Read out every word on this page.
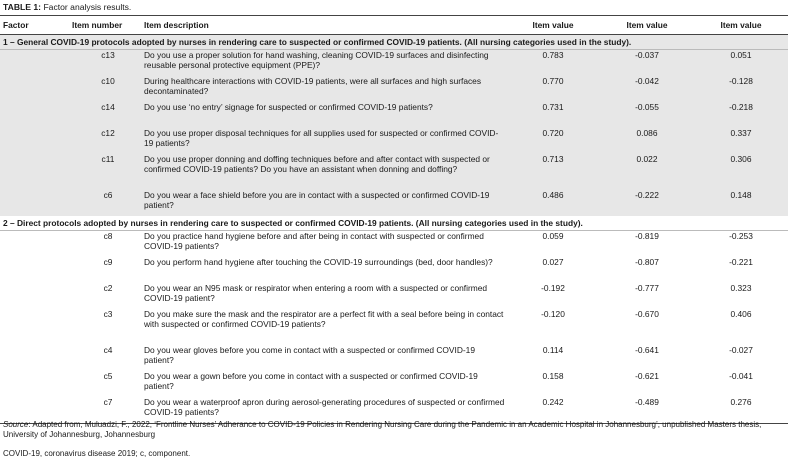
TABLE 1: Factor analysis results.
Factor	Item number	Item description	Item value	Item value	Item value
1 – General COVID-19 protocols adopted by nurses in rendering care to suspected or confirmed COVID-19 patients. (All nursing categories used in the study).					
	c13	Do you use a proper solution for hand washing, cleaning COVID-19 surfaces and disinfecting reusable personal protective equipment (PPE)?	0.783	-0.037	0.051
	c10	During healthcare interactions with COVID-19 patients, were all surfaces and high surfaces decontaminated?	0.770	-0.042	-0.128
	c14	Do you use ‘no entry’ signage for suspected or confirmed COVID-19 patients?	0.731	-0.055	-0.218
	c12	Do you use proper disposal techniques for all supplies used for suspected or confirmed COVID-19 patients?	0.720	0.086	0.337
	c11	Do you use proper donning and doffing techniques before and after contact with suspected or confirmed COVID-19 patients? Do you have an assistant when donning and doffing?	0.713	0.022	0.306
	c6	Do you wear a face shield before you are in contact with a suspected or confirmed COVID-19 patient?	0.486	-0.222	0.148
2 – Direct protocols adopted by nurses in rendering care to suspected or confirmed COVID-19 patients. (All nursing categories used in the study).					
	c8	Do you practice hand hygiene before and after being in contact with suspected or confirmed COVID-19 patients?	0.059	-0.819	-0.253
	c9	Do you perform hand hygiene after touching the COVID-19 surroundings (bed, door handles)?	0.027	-0.807	-0.221
	c2	Do you wear an N95 mask or respirator when entering a room with a suspected or confirmed COVID-19 patient?	-0.192	-0.777	0.323
	c3	Do you make sure the mask and the respirator are a perfect fit with a seal before being in contact with suspected or confirmed COVID-19 patients?	-0.120	-0.670	0.406
	c4	Do you wear gloves before you come in contact with a suspected or confirmed COVID-19 patient?	0.114	-0.641	-0.027
	c5	Do you wear a gown before you come in contact with a suspected or confirmed COVID-19 patient?	0.158	-0.621	-0.041
	c7	Do you wear a waterproof apron during aerosol-generating procedures of suspected or confirmed COVID-19 patients?	0.242	-0.489	0.276
Source: Adapted from, Muluadzi, F., 2022, ‘Frontline Nurses’ Adherance to COVID-19 Policies in Rendering Nursing Care during the Pandemic in an Academic Hospital in Johannesburg’, unpublished Masters thesis, University of Johannesburg, Johannesburg
COVID-19, coronavirus disease 2019; c, component.
